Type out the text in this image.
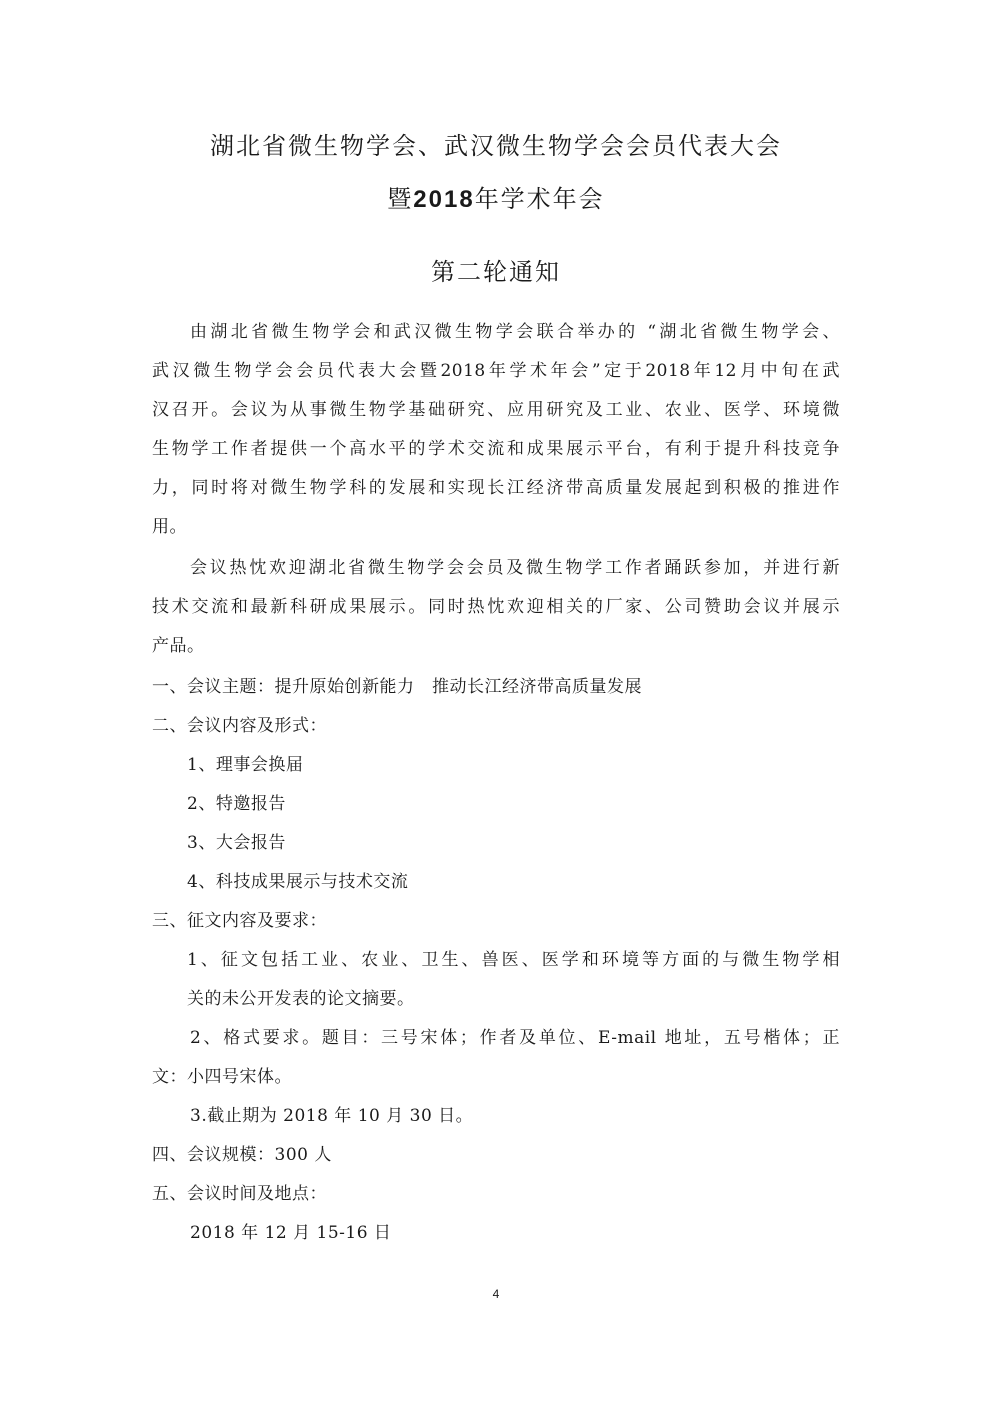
湖北省微生物学会、武汉微生物学会会员代表大会
暨2018年学术年会
第二轮通知
由湖北省微生物学会和武汉微生物学会联合举办的 “湖北省微生物学会、
武汉微生物学会会员代表大会暨2018年学术年会”定于2018年12月中旬在武
汉召开。会议为从事微生物学基础研究、应用研究及工业、农业、医学、环境微
生物学工作者提供一个高水平的学术交流和成果展示平台，有利于提升科技竞争
力，同时将对微生物学科的发展和实现长江经济带高质量发展起到积极的推进作
用。
会议热忱欢迎湖北省微生物学会会员及微生物学工作者踊跃参加，并进行新
技术交流和最新科研成果展示。同时热忱欢迎相关的厂家、公司赞助会议并展示
产品。
一、会议主题：提升原始创新能力　推动长江经济带高质量发展
二、会议内容及形式：
1、理事会换届
2、特邀报告
3、大会报告
4、科技成果展示与技术交流
三、征文内容及要求：
1、征文包括工业、农业、卫生、兽医、医学和环境等方面的与微生物学相
关的未公开发表的论文摘要。
2、格式要求。题目：三号宋体；作者及单位、E-mail 地址，五号楷体；正
文：小四号宋体。
3.截止期为 2018 年 10 月 30 日。
四、会议规模：300 人
五、会议时间及地点：
2018 年 12 月 15-16 日
4
